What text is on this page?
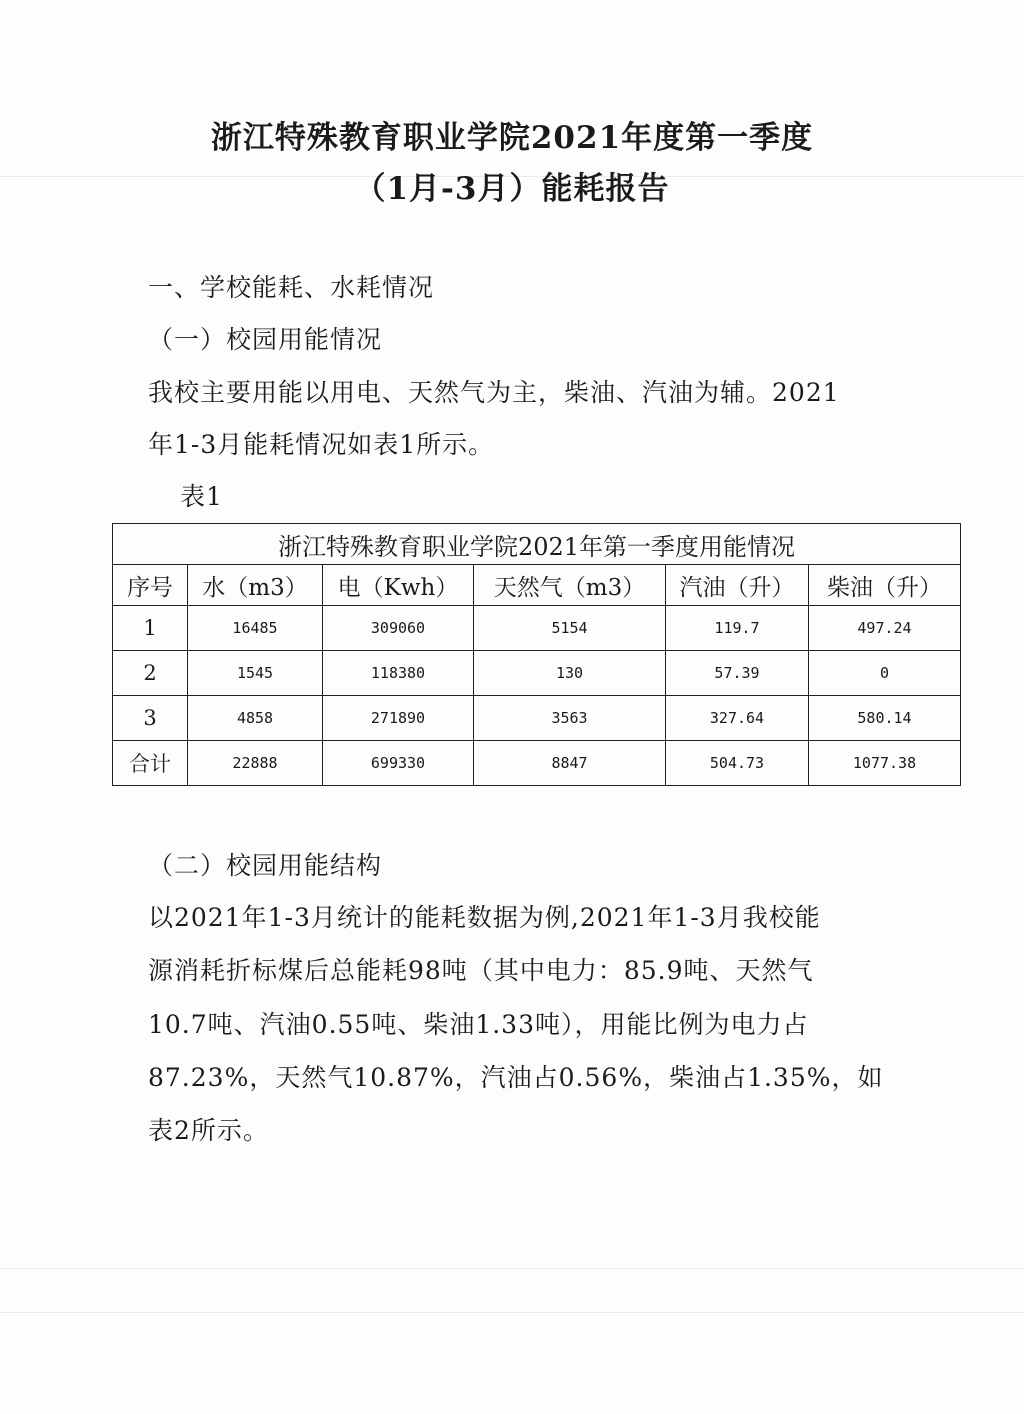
浙江特殊教育职业学院2021年度第一季度
（1月-3月）能耗报告
一、学校能耗、水耗情况
（一）校园用能情况
我校主要用能以用电、天然气为主，柴油、汽油为辅。2021
年1-3月能耗情况如表1所示。
表1
浙江特殊教育职业学院2021年第一季度用能情况					
序号	水（m3）	电（Kwh）	天然气（m3）	汽油（升）	柴油（升）
1	16485	309060	5154	119.7	497.24
2	1545	118380	130	57.39	0
3	4858	271890	3563	327.64	580.14
合计	22888	699330	8847	504.73	1077.38
（二）校园用能结构
以2021年1-3月统计的能耗数据为例,2021年1-3月我校能
源消耗折标煤后总能耗98吨（其中电力：85.9吨、天然气
10.7吨、汽油0.55吨、柴油1.33吨），用能比例为电力占
87.23%，天然气10.87%，汽油占0.56%，柴油占1.35%，如
表2所示。
